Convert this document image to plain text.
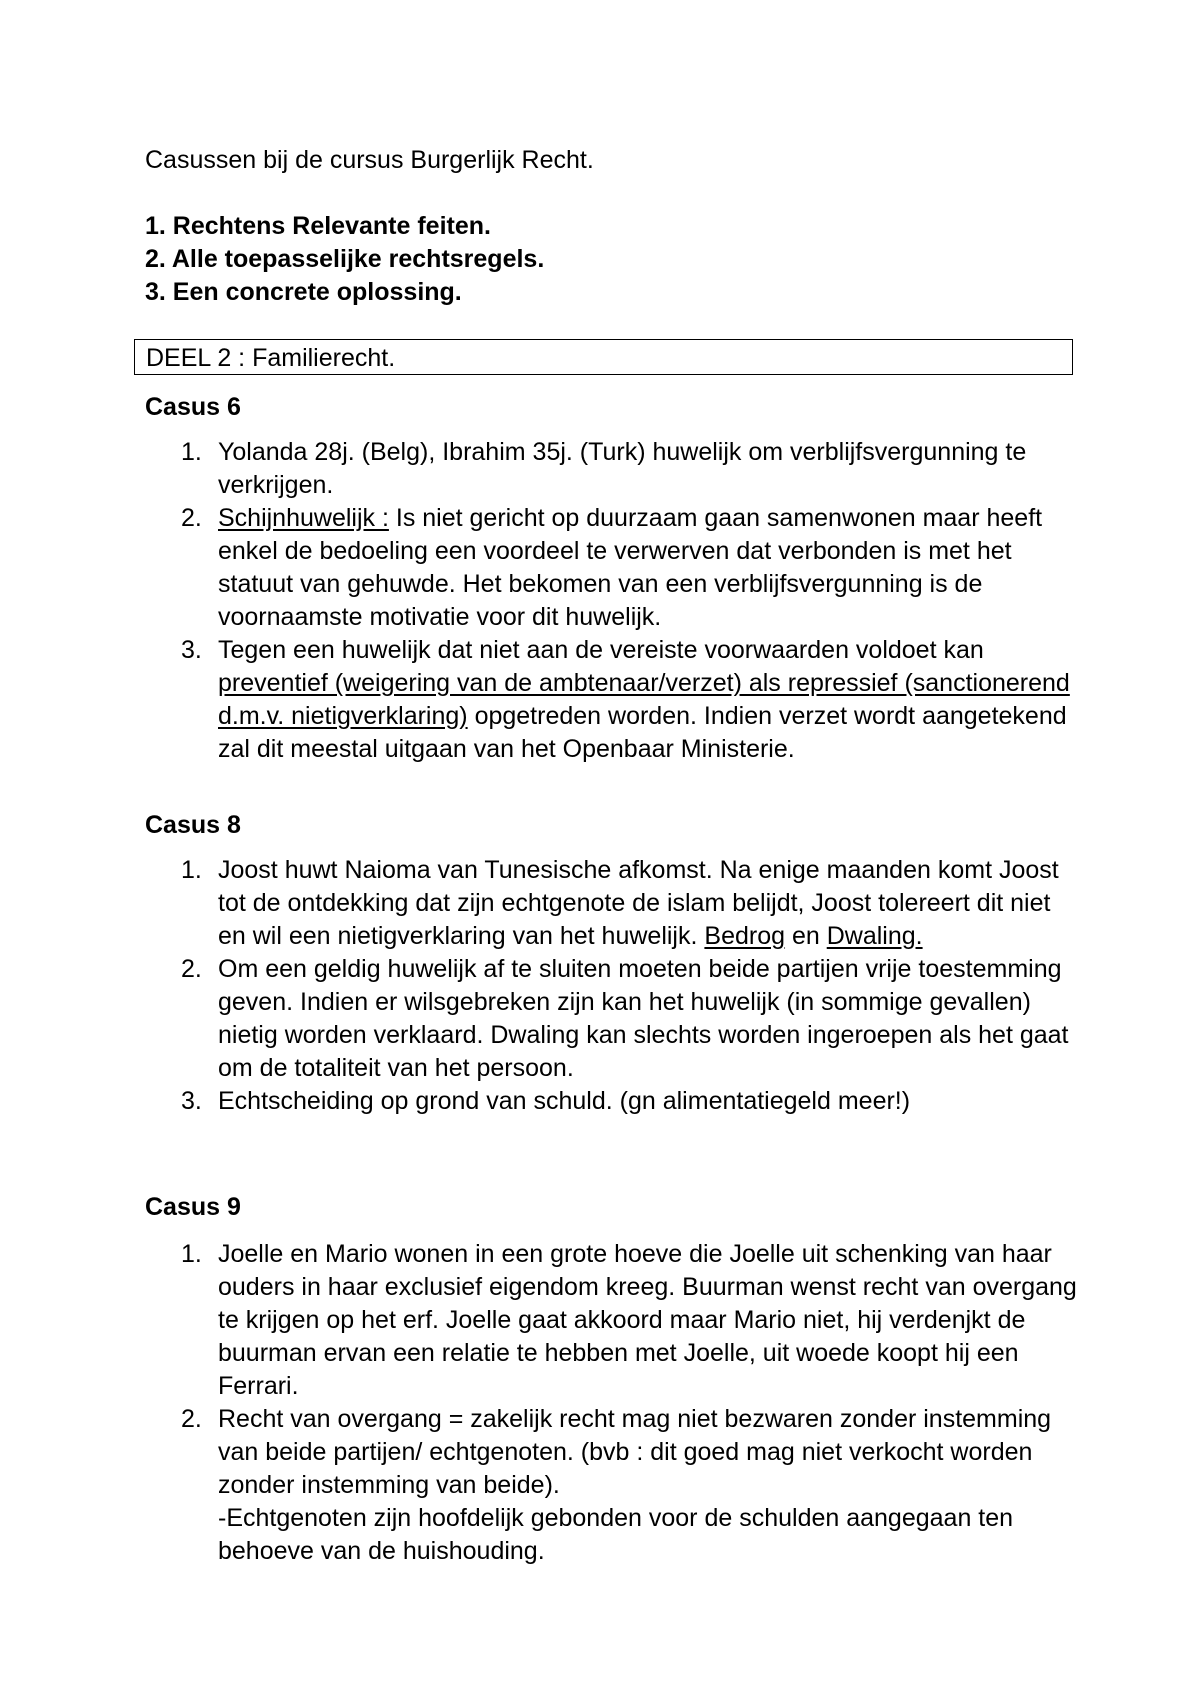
Casussen bij de cursus Burgerlijk Recht.
1. Rechtens Relevante feiten.
2. Alle toepasselijke rechtsregels.
3. Een concrete oplossing.
DEEL 2 : Familierecht.
Casus 6
1. Yolanda 28j. (Belg), Ibrahim 35j. (Turk) huwelijk om verblijfsvergunning te verkrijgen.
2. Schijnhuwelijk : Is niet gericht op duurzaam gaan samenwonen maar heeft enkel de bedoeling een voordeel te verwerven dat verbonden is met het statuut van gehuwde. Het bekomen van een verblijfsvergunning is de voornaamste motivatie voor dit huwelijk.
3. Tegen een huwelijk dat niet aan de vereiste voorwaarden voldoet kan preventief (weigering van de ambtenaar/verzet) als repressief (sanctionerend d.m.v. nietigverklaring) opgetreden worden. Indien verzet wordt aangetekend zal dit meestal uitgaan van het Openbaar Ministerie.
Casus 8
1. Joost huwt Naioma van Tunesische afkomst. Na enige maanden komt Joost tot de ontdekking dat zijn echtgenote de islam belijdt, Joost tolereert dit niet en wil een nietigverklaring van het huwelijk. Bedrog en Dwaling.
2. Om een geldig huwelijk af te sluiten moeten beide partijen vrije toestemming geven. Indien er wilsgebreken zijn kan het huwelijk (in sommige gevallen) nietig worden verklaard. Dwaling kan slechts worden ingeroepen als het gaat om de totaliteit van het persoon.
3. Echtscheiding op grond van schuld. (gn alimentatiegeld meer!)
Casus 9
1. Joelle en Mario wonen in een grote hoeve die Joelle uit schenking van haar ouders in haar exclusief eigendom kreeg. Buurman wenst recht van overgang te krijgen op het erf. Joelle gaat akkoord maar Mario niet, hij verdenjkt de buurman ervan een relatie te hebben met Joelle, uit woede koopt hij een Ferrari.
2. Recht van overgang = zakelijk recht mag niet bezwaren zonder instemming van beide partijen/ echtgenoten. (bvb : dit goed mag niet verkocht worden zonder instemming van beide).
-Echtgenoten zijn hoofdelijk gebonden voor de schulden aangegaan ten behoeve van de huishouding.
